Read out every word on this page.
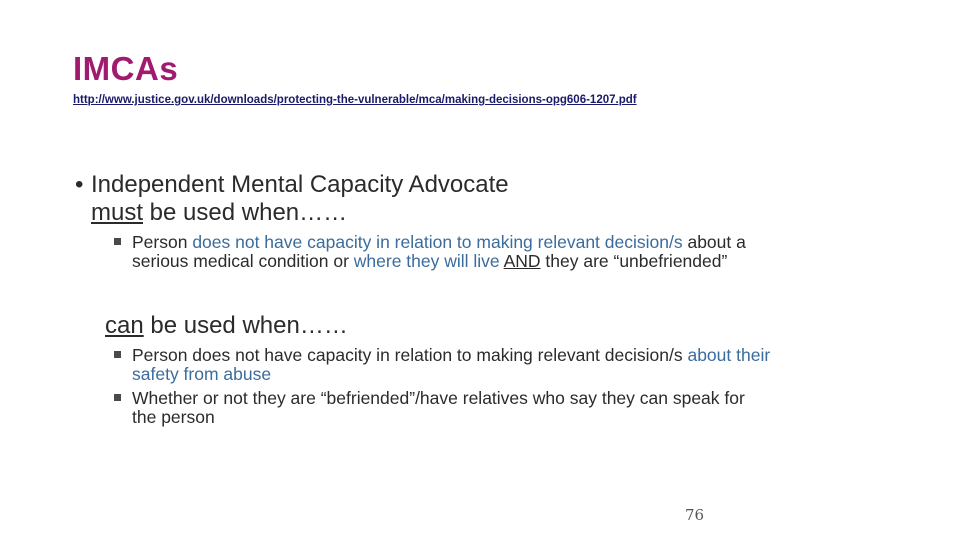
IMCAs
http://www.justice.gov.uk/downloads/protecting-the-vulnerable/mca/making-decisions-opg606-1207.pdf
• Independent Mental Capacity Advocate
must be used when……
Person does not have capacity in relation to making relevant decision/s about a serious medical condition or where they will live AND they are “unbefriended”
can be used when……
Person does not have capacity in relation to making relevant decision/s about their safety from abuse
Whether or not they are “befriended”/have relatives who say they can speak for the person
76
